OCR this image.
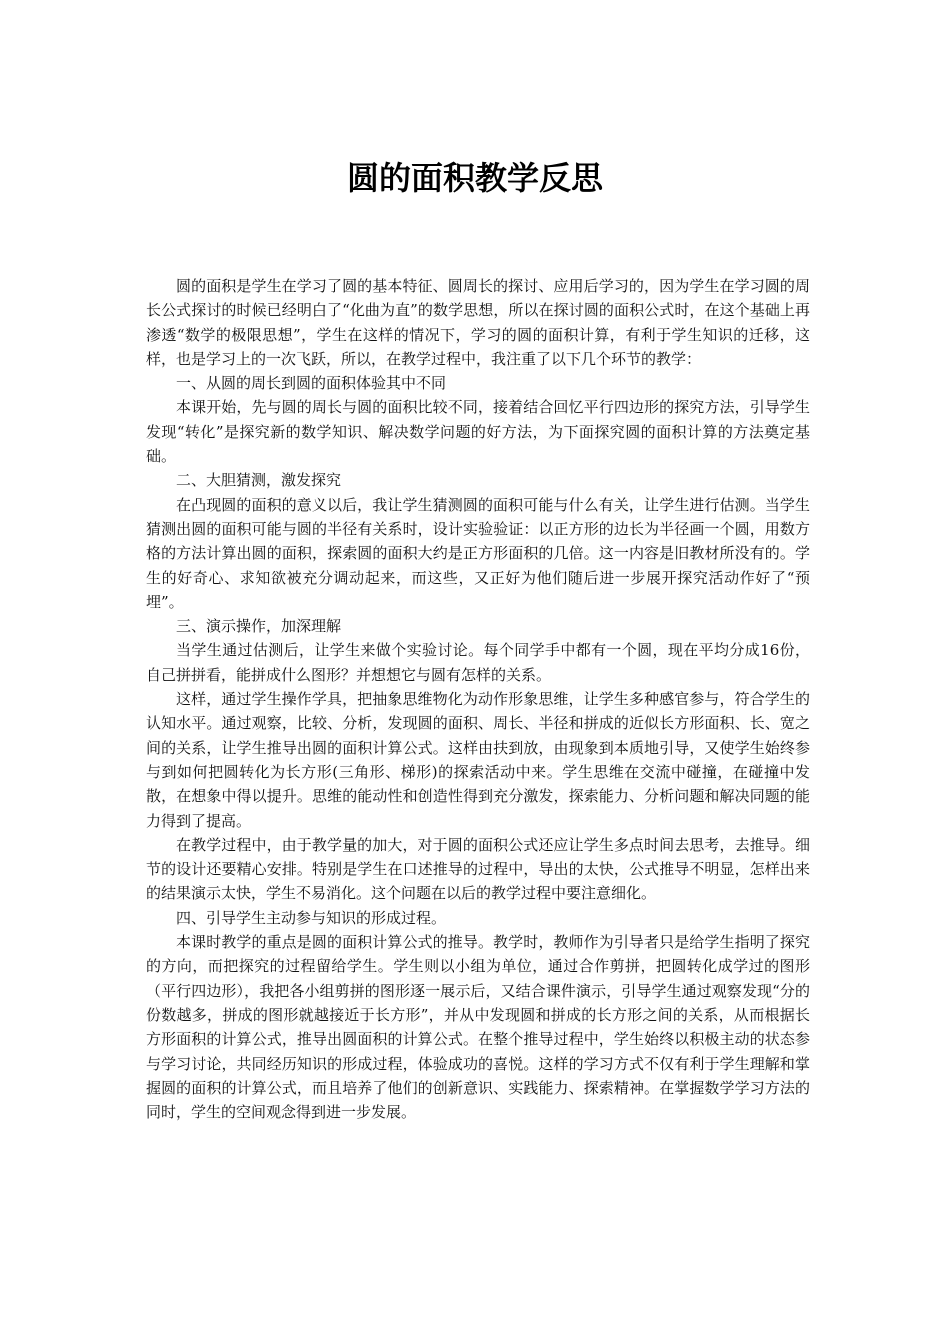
圆的面积教学反思

圆的面积是学生在学习了圆的基本特征、圆周长的探讨、应用后学习的，因为学生在学习圆的周长公式探讨的时候已经明白了“化曲为直”的数学思想，所以在探讨圆的面积公式时，在这个基础上再渗透“数学的极限思想”，学生在这样的情况下，学习的圆的面积计算，有利于学生知识的迁移，这样，也是学习上的一次飞跃，所以，在教学过程中，我注重了以下几个环节的教学：

一、从圆的周长到圆的面积体验其中不同

本课开始，先与圆的周长与圆的面积比较不同，接着结合回忆平行四边形的探究方法，引导学生发现“转化”是探究新的数学知识、解决数学问题的好方法，为下面探究圆的面积计算的方法奠定基础。

二、大胆猜测，激发探究

在凸现圆的面积的意义以后，我让学生猜测圆的面积可能与什么有关，让学生进行估测。当学生猜测出圆的面积可能与圆的半径有关系时，设计实验验证：以正方形的边长为半径画一个圆，用数方格的方法计算出圆的面积，探索圆的面积大约是正方形面积的几倍。这一内容是旧教材所没有的。学生的好奇心、求知欲被充分调动起来，而这些，又正好为他们随后进一步展开探究活动作好了“预埋”。

三、演示操作，加深理解

当学生通过估测后，让学生来做个实验讨论。每个同学手中都有一个圆，现在平均分成16份，自己拼拼看，能拼成什么图形？并想想它与圆有怎样的关系。

这样，通过学生操作学具，把抽象思维物化为动作形象思维，让学生多种感官参与，符合学生的认知水平。通过观察，比较、分析，发现圆的面积、周长、半径和拼成的近似长方形面积、长、宽之间的关系，让学生推导出圆的面积计算公式。这样由扶到放，由现象到本质地引导，又使学生始终参与到如何把圆转化为长方形(三角形、梯形)的探索活动中来。学生思维在交流中碰撞，在碰撞中发散，在想象中得以提升。思维的能动性和创造性得到充分激发，探索能力、分析问题和解决同题的能力得到了提高。

在教学过程中，由于教学量的加大，对于圆的面积公式还应让学生多点时间去思考，去推导。细节的设计还要精心安排。特别是学生在口述推导的过程中，导出的太快，公式推导不明显，怎样出来的结果演示太快，学生不易消化。这个问题在以后的教学过程中要注意细化。

四、引导学生主动参与知识的形成过程。

本课时教学的重点是圆的面积计算公式的推导。教学时，教师作为引导者只是给学生指明了探究的方向，而把探究的过程留给学生。学生则以小组为单位，通过合作剪拼，把圆转化成学过的图形（平行四边形），我把各小组剪拼的图形逐一展示后，又结合课件演示，引导学生通过观察发现“分的份数越多，拼成的图形就越接近于长方形”，并从中发现圆和拼成的长方形之间的关系，从而根据长方形面积的计算公式，推导出圆面积的计算公式。在整个推导过程中，学生始终以积极主动的状态参与学习讨论，共同经历知识的形成过程，体验成功的喜悦。这样的学习方式不仅有利于学生理解和掌握圆的面积的计算公式，而且培养了他们的创新意识、实践能力、探索精神。在掌握数学学习方法的同时，学生的空间观念得到进一步发展。
